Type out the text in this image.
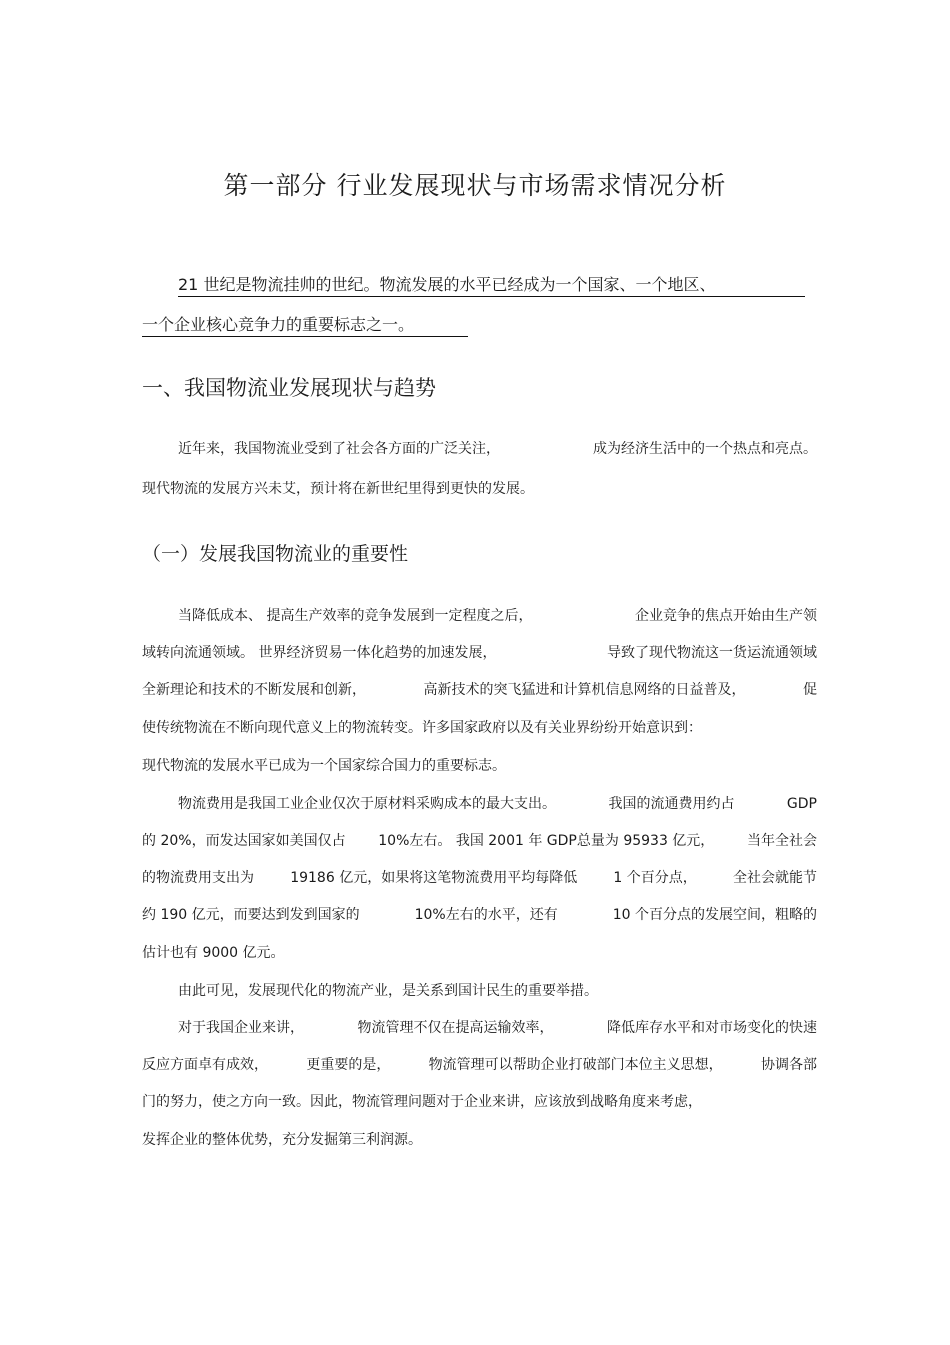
第一部分 行业发展现状与市场需求情况分析
21 世纪是物流挂帅的世纪。物流发展的水平已经成为一个国家、一个地区、
一个企业核心竞争力的重要标志之一。
一、我国物流业发展现状与趋势
近年来，我国物流业受到了社会各方面的广泛关注，	成为经济生活中的一个热点和亮点。
现代物流的发展方兴未艾，预计将在新世纪里得到更快的发展。
（一）发展我国物流业的重要性
当降低成本、 提高生产效率的竞争发展到一定程度之后，	企业竞争的焦点开始由生产领
域转向流通领域。 世界经济贸易一体化趋势的加速发展，	导致了现代物流这一货运流通领域
全新理论和技术的不断发展和创新，	高新技术的突飞猛进和计算机信息网络的日益普及，	促
使传统物流在不断向现代意义上的物流转变。许多国家政府以及有关业界纷纷开始意识到：
现代物流的发展水平已成为一个国家综合国力的重要标志。
物流费用是我国工业企业仅次于原材料采购成本的最大支出。	我国的流通费用约占	GDP
的 20%，而发达国家如美国仅占 10%左右。 我国 2001 年 GDP总量为 95933 亿元， 当年全社会
的物流费用支出为	19186 亿元，如果将这笔物流费用平均每降低	1 个百分点，	全社会就能节
约 190 亿元，而要达到发到国家的	10%左右的水平，还有	10 个百分点的发展空间，粗略的
估计也有 9000 亿元。
由此可见，发展现代化的物流产业，是关系到国计民生的重要举措。
对于我国企业来讲，	物流管理不仅在提高运输效率，	降低库存水平和对市场变化的快速
反应方面卓有成效，	更重要的是，	物流管理可以帮助企业打破部门本位主义思想，	协调各部
门的努力，使之方向一致。因此，物流管理问题对于企业来讲，应该放到战略角度来考虑，
发挥企业的整体优势，充分发掘第三利润源。
